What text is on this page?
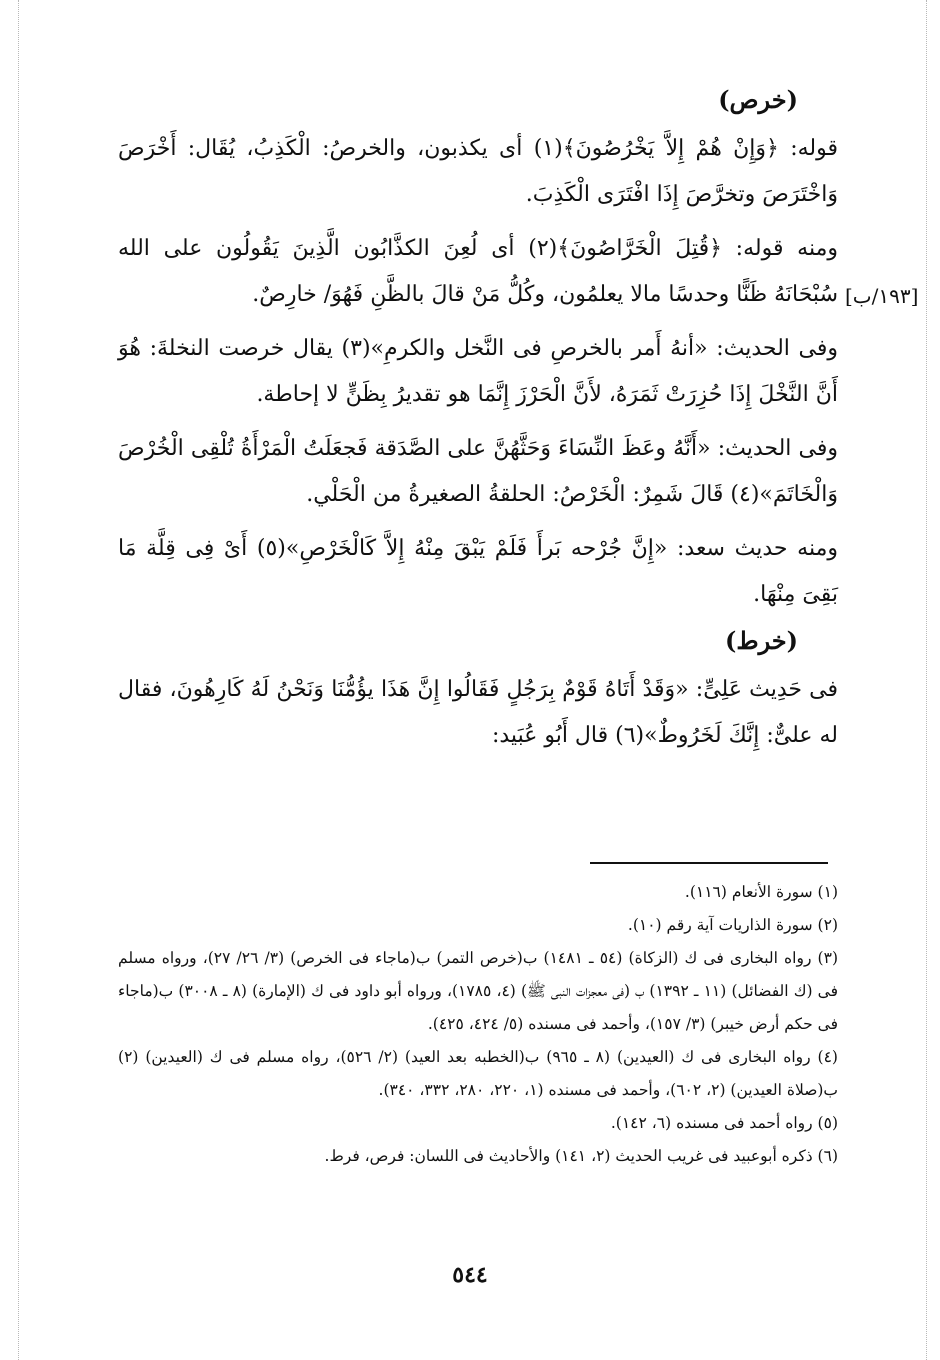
(خرص)

قوله: ﴿وَإِنْ هُمْ إِلاَّ يَخْرُصُونَ﴾(١) أى يكذبون، والخرصُ: الْكَذِبُ، يُقَال: أَخْرَصَ وَاخْتَرَصَ وتخرَّصَ إِذَا افْتَرَى الْكَذِبَ.

ومنه قوله: ﴿قُتِلَ الْخَرَّاصُونَ﴾(٢) أى لُعِنَ الكذَّابُون الَّذِينَ يَقُولُون على الله سُبْحَانَهُ ظَنًّا وحدسًا مالا يعلمُون، وكُلُّ مَنْ قالَ بالظَّنِ فَهُوَ/ خارِصٌ.

وفى الحديث: «أنهُ أَمر بالخرصِ فى النَّخل والكرمِ»(٣) يقال خرصت النخلةَ: هُوَ أَنَّ النَّخْلَ إِذَا حُزِرَتْ ثَمَرَهُ، لأَنَّ الْحَرْزَ إِنَّمَا هو تقديرُ بِظَنٍّ لا إحاطة.

وفى الحديث: «أَنَّهُ وعَظَ النِّسَاءَ وَحَثَّهُنَّ على الصَّدَقة فَجعَلَتُ الْمَرْأَةُ تُلْقِى الْخُرْصَ وَالْخَاتَمَ»(٤) قَالَ شَمِرٌ: الْخَرْصُ: الحلقةُ الصغيرةُ من الْحَلْي.

ومنه حديث سعد: «إِنَّ جُرْحه بَرأَ فَلَمْ يَبْقَ مِنْهُ إِلاَّ كَالْخَرْصِ»(٥) أَىْ فِى قِلَّة مَا بَقِىَ مِنْهَا.

(خرط)

فى حَدِيث عَلِىٍّ: «وَقَدْ أَتَاهُ قَوْمٌ بِرَجُلٍ فَقَالُوا إِنَّ هَذَا يؤُمُّنَا وَنَحْنُ لَهُ كَارِهُونَ، فقال له علىٌّ: إِنَّكَ لَخَرُوطٌ»(٦) قال أَبُو عُبَيد:

[١٩٣/ب]

(١) سورة الأنعام (١١٦).

(٢) سورة الذاريات آية رقم (١٠).

(٣) رواه البخارى فى ك (الزكاة) (٥٤ ـ ١٤٨١) ب(خرص التمر) ب(ماجاء فى الخرص) (٣/ ٢٦/ ٢٧)، ورواه مسلم فى (ك الفضائل) (١١ ـ ١٣٩٢) ب (فى معجزات النبى ﷺ) (٤، ١٧٨٥)، ورواه أبو داود فى ك (الإمارة) (٨ ـ ٣٠٠٨) ب(ماجاء فى حكم أرض خيبر) (٣/ ١٥٧)، وأحمد فى مسنده (٥/ ٤٢٤، ٤٢٥).

(٤) رواه البخارى فى ك (العيدين) (٨ ـ ٩٦٥) ب(الخطبه بعد العيد) (٢/ ٥٢٦)، رواه مسلم فى ك (العيدين) (٢) ب(صلاة العيدين) (٢، ٦٠٢)، وأحمد فى مسنده (١، ٢٢٠، ٢٨٠، ٣٣٢، ٣٤٠).

(٥) رواه أحمد فى مسنده (٦، ١٤٢).

(٦) ذكره أبوعبيد فى غريب الحديث (٢، ١٤١) والأحاديث فى اللسان: فرص، فرط.

٥٤٤
